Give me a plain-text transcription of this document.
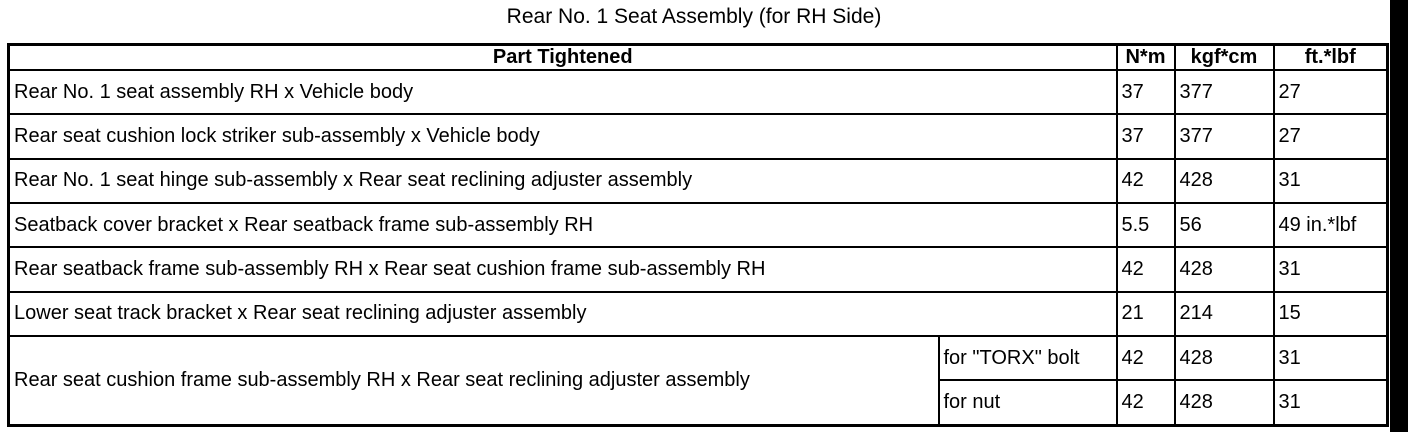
Rear No. 1 Seat Assembly (for RH Side)
Part Tightened		N*m	kgf*cm	ft.*lbf
Rear No. 1 seat assembly RH x Vehicle body		37	377	27
Rear seat cushion lock striker sub-assembly x Vehicle body		37	377	27
Rear No. 1 seat hinge sub-assembly x Rear seat reclining adjuster assembly		42	428	31
Seatback cover bracket x Rear seatback frame sub-assembly RH		5.5	56	49 in.*lbf
Rear seatback frame sub-assembly RH x Rear seat cushion frame sub-assembly RH		42	428	31
Lower seat track bracket x Rear seat reclining adjuster assembly		21	214	15
Rear seat cushion frame sub-assembly RH x Rear seat reclining adjuster assembly	for "TORX" bolt	42	428	31
	for nut	42	428	31
